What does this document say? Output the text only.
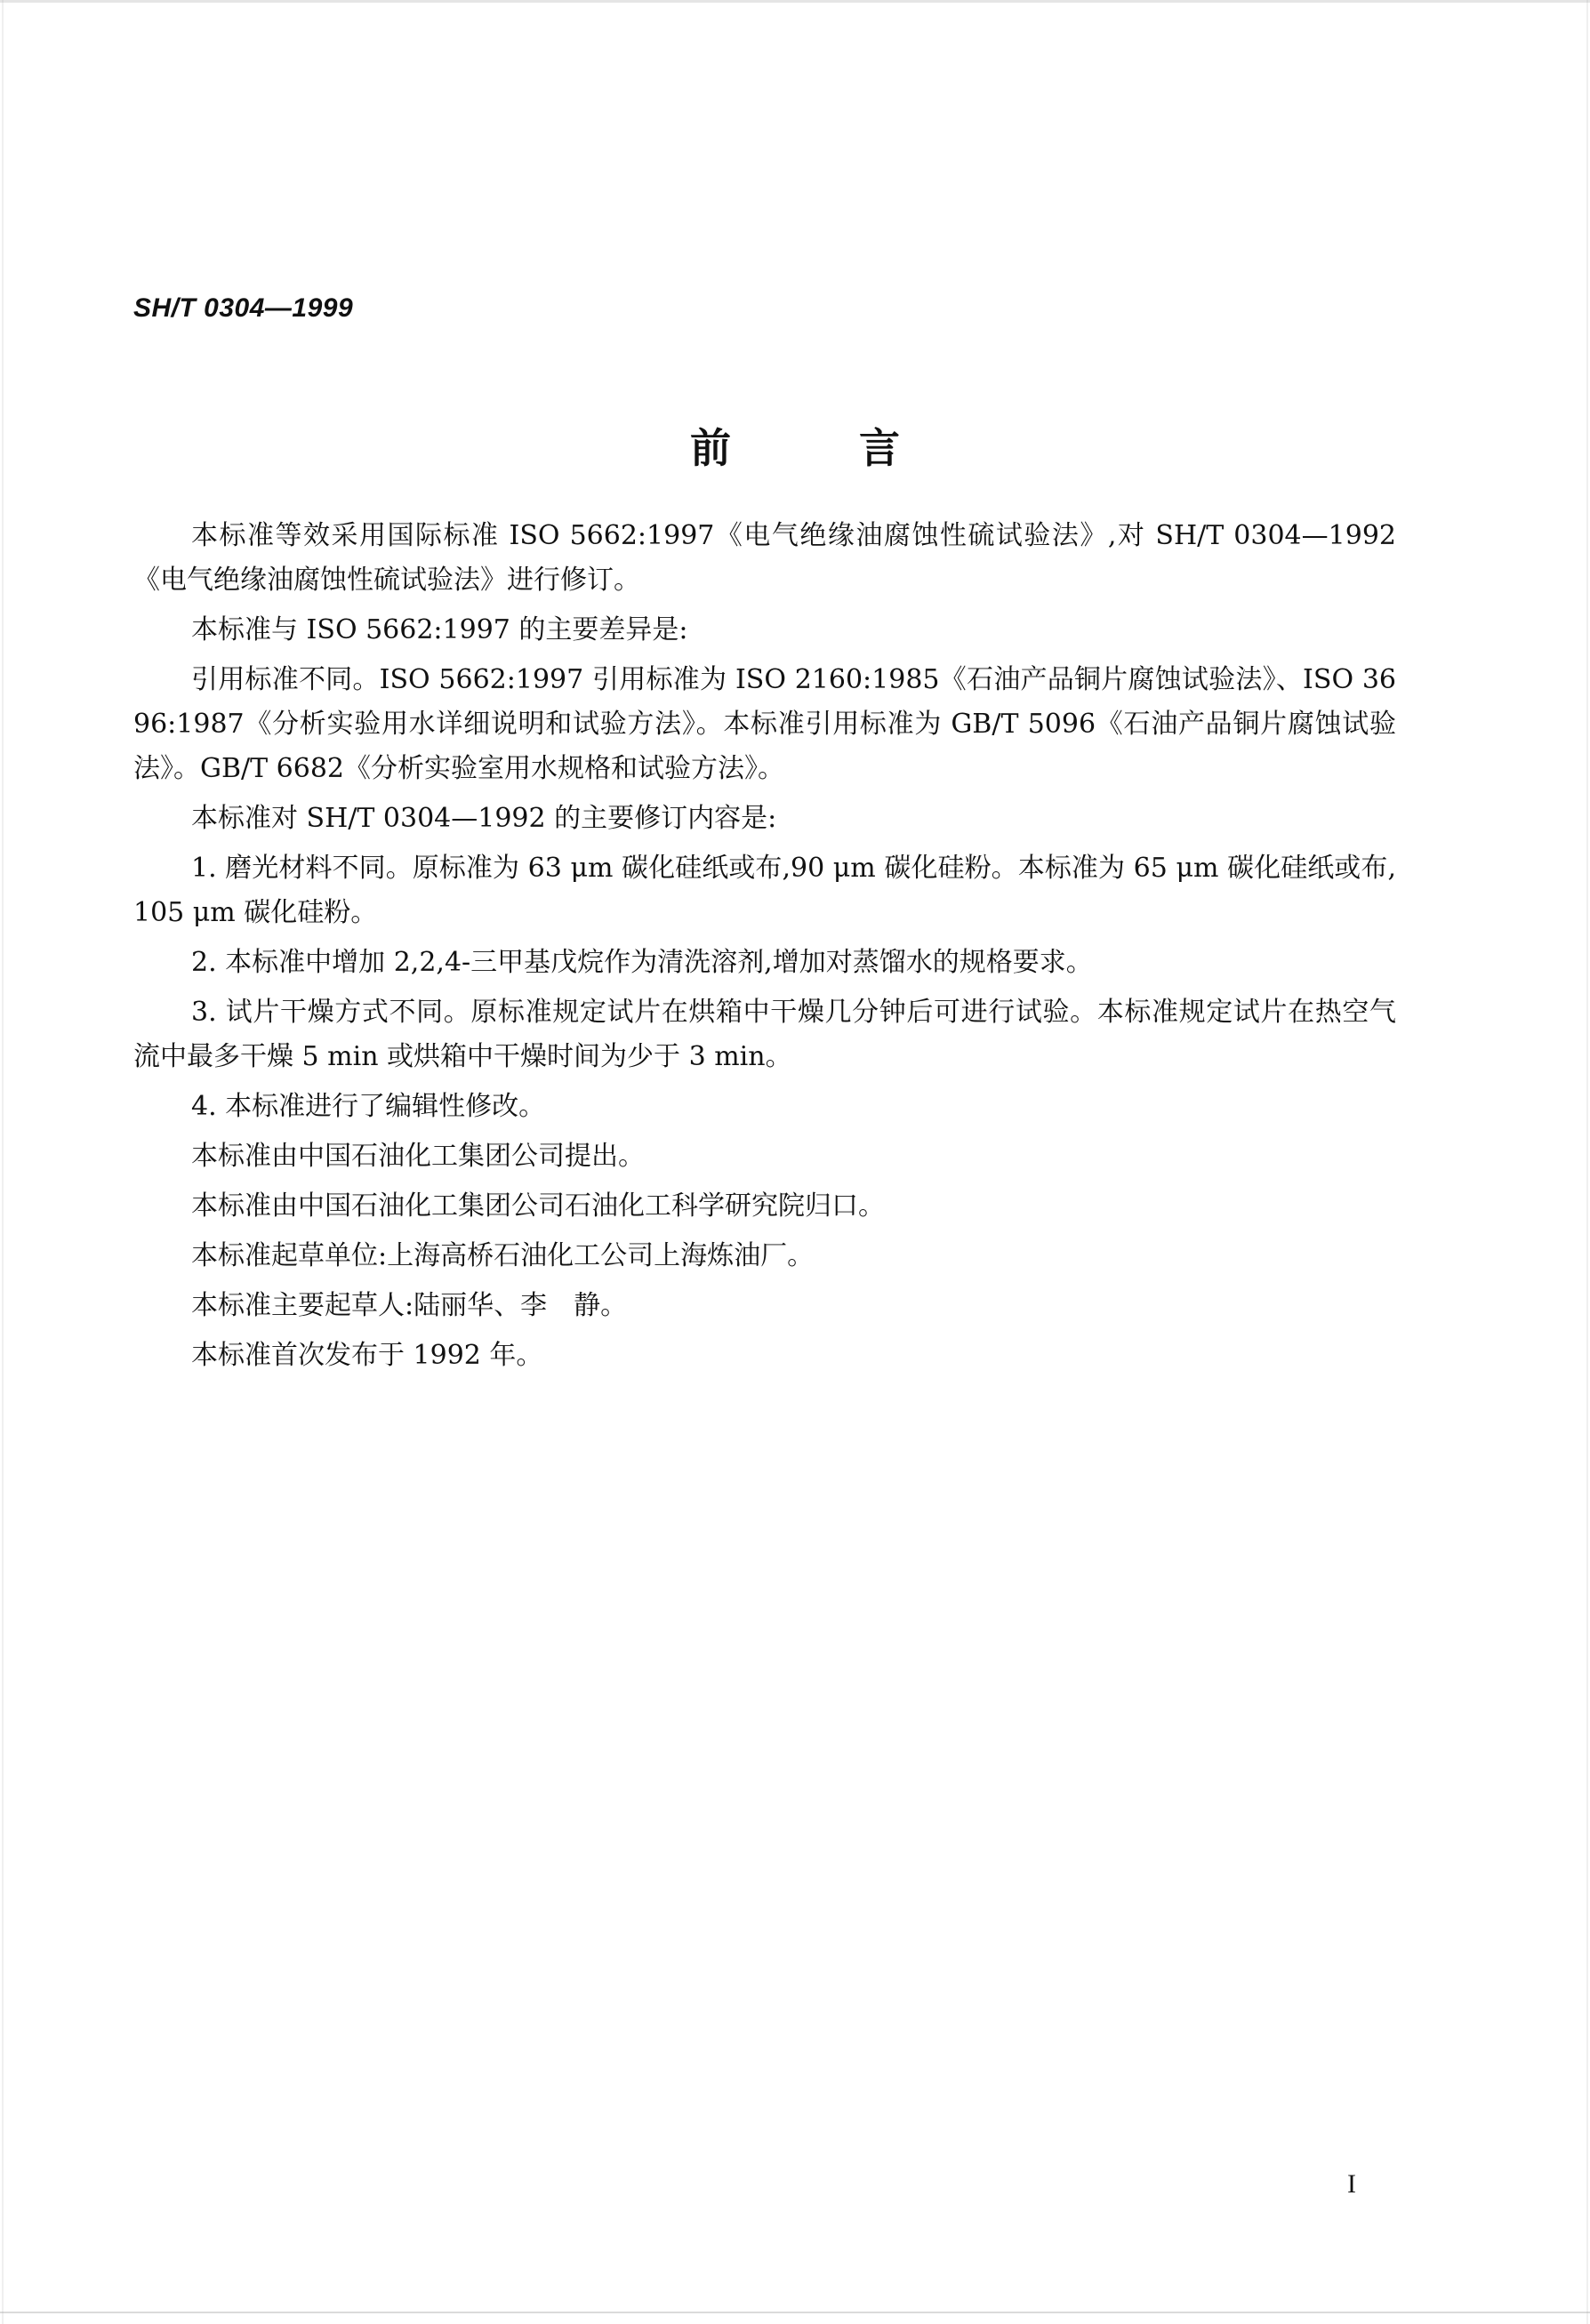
SH/T 0304—1999
前言

本标准等效采用国际标准 ISO 5662:1997《电气绝缘油腐蚀性硫试验法》,对 SH/T 0304—1992《电气绝缘油腐蚀性硫试验法》进行修订。

本标准与 ISO 5662:1997 的主要差异是:

引用标准不同。ISO 5662:1997 引用标准为 ISO 2160:1985《石油产品铜片腐蚀试验法》、ISO 3696:1987《分析实验用水详细说明和试验方法》。本标准引用标准为 GB/T 5096《石油产品铜片腐蚀试验法》。GB/T 6682《分析实验室用水规格和试验方法》。

本标准对 SH/T 0304—1992 的主要修订内容是:

1. 磨光材料不同。原标准为 63 μm 碳化硅纸或布,90 μm 碳化硅粉。本标准为 65 μm 碳化硅纸或布,105 μm 碳化硅粉。

2. 本标准中增加 2,2,4-三甲基戊烷作为清洗溶剂,增加对蒸馏水的规格要求。

3. 试片干燥方式不同。原标准规定试片在烘箱中干燥几分钟后可进行试验。本标准规定试片在热空气流中最多干燥 5 min 或烘箱中干燥时间为少于 3 min。

4. 本标准进行了编辑性修改。

本标准由中国石油化工集团公司提出。

本标准由中国石油化工集团公司石油化工科学研究院归口。

本标准起草单位:上海高桥石油化工公司上海炼油厂。

本标准主要起草人:陆丽华、李　静。

本标准首次发布于 1992 年。

I
